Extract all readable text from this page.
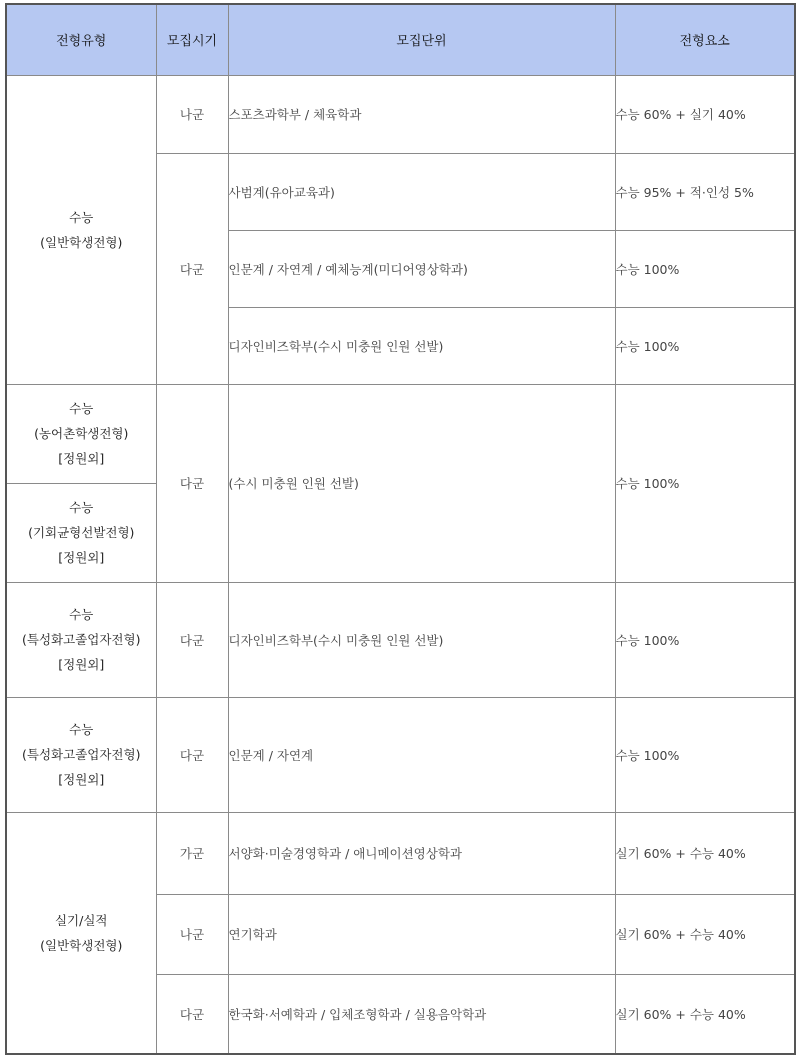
전형유형	모집시기	모집단위	전형요소

수능
(일반학생전형)	나군	스포츠과학부 / 체육학과	수능 60% + 실기 40%
	다군	사범계(유아교육과)	수능 95% + 적·인성 5%
		인문계 / 자연계 / 예체능계(미디어영상학과)	수능 100%
		디자인비즈학부(수시 미충원 인원 선발)	수능 100%

수능
(농어촌학생전형)
[정원외]	다군	(수시 미충원 인원 선발)	수능 100%

수능
(기회균형선발전형)
[정원외]			

수능
(특성화고졸업자전형)
[정원외]	다군	디자인비즈학부(수시 미충원 인원 선발)	수능 100%

수능
(특성화고졸업자전형)
[정원외]	다군	인문계 / 자연계	수능 100%

실기/실적
(일반학생전형)	가군	서양화·미술경영학과 / 애니메이션영상학과	실기 60% + 수능 40%
	나군	연기학과	실기 60% + 수능 40%
	다군	한국화·서예학과 / 입체조형학과 / 실용음악학과	실기 60% + 수능 40%
